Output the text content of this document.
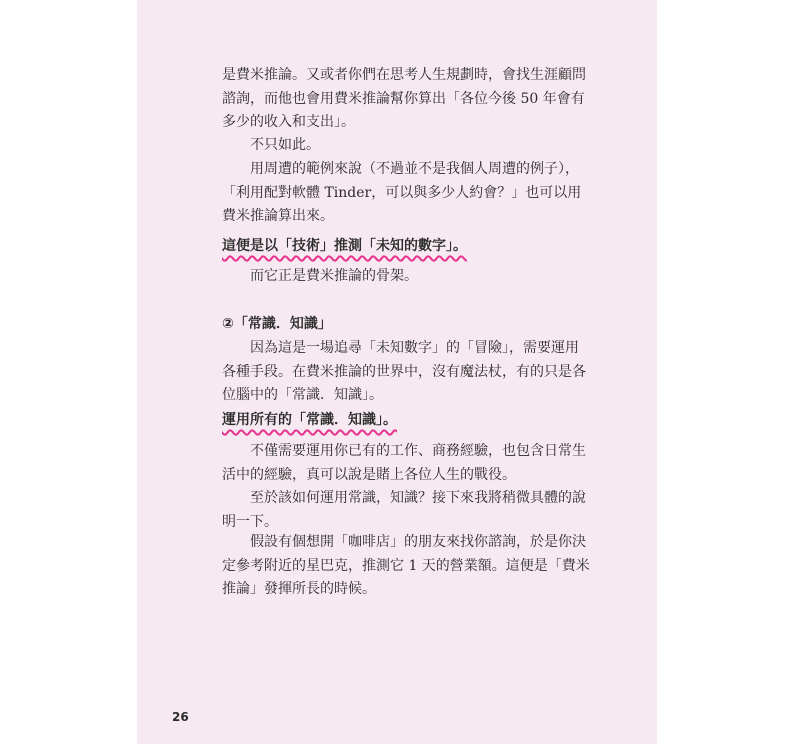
是費米推論。又或者你們在思考人生規劃時，會找生涯顧問諮詢，而他也會用費米推論幫你算出「各位今後 50 年會有多少的收入和支出」。

不只如此。

用周遭的範例來說（不過並不是我個人周遭的例子），「利用配對軟體 Tinder，可以與多少人約會？」也可以用費米推論算出來。

這便是以「技術」推測「未知的數字」。

而它正是費米推論的骨架。

②「常識．知識」

因為這是一場追尋「未知數字」的「冒險」，需要運用各種手段。在費米推論的世界中，沒有魔法杖，有的只是各位腦中的「常識．知識」。

運用所有的「常識．知識」。

不僅需要運用你已有的工作、商務經驗，也包含日常生活中的經驗，真可以說是賭上各位人生的戰役。

至於該如何運用常識，知識？接下來我將稍微具體的說明一下。

假設有個想開「咖啡店」的朋友來找你諮詢，於是你決定參考附近的星巴克，推測它 1 天的營業額。這便是「費米推論」發揮所長的時候。

26
